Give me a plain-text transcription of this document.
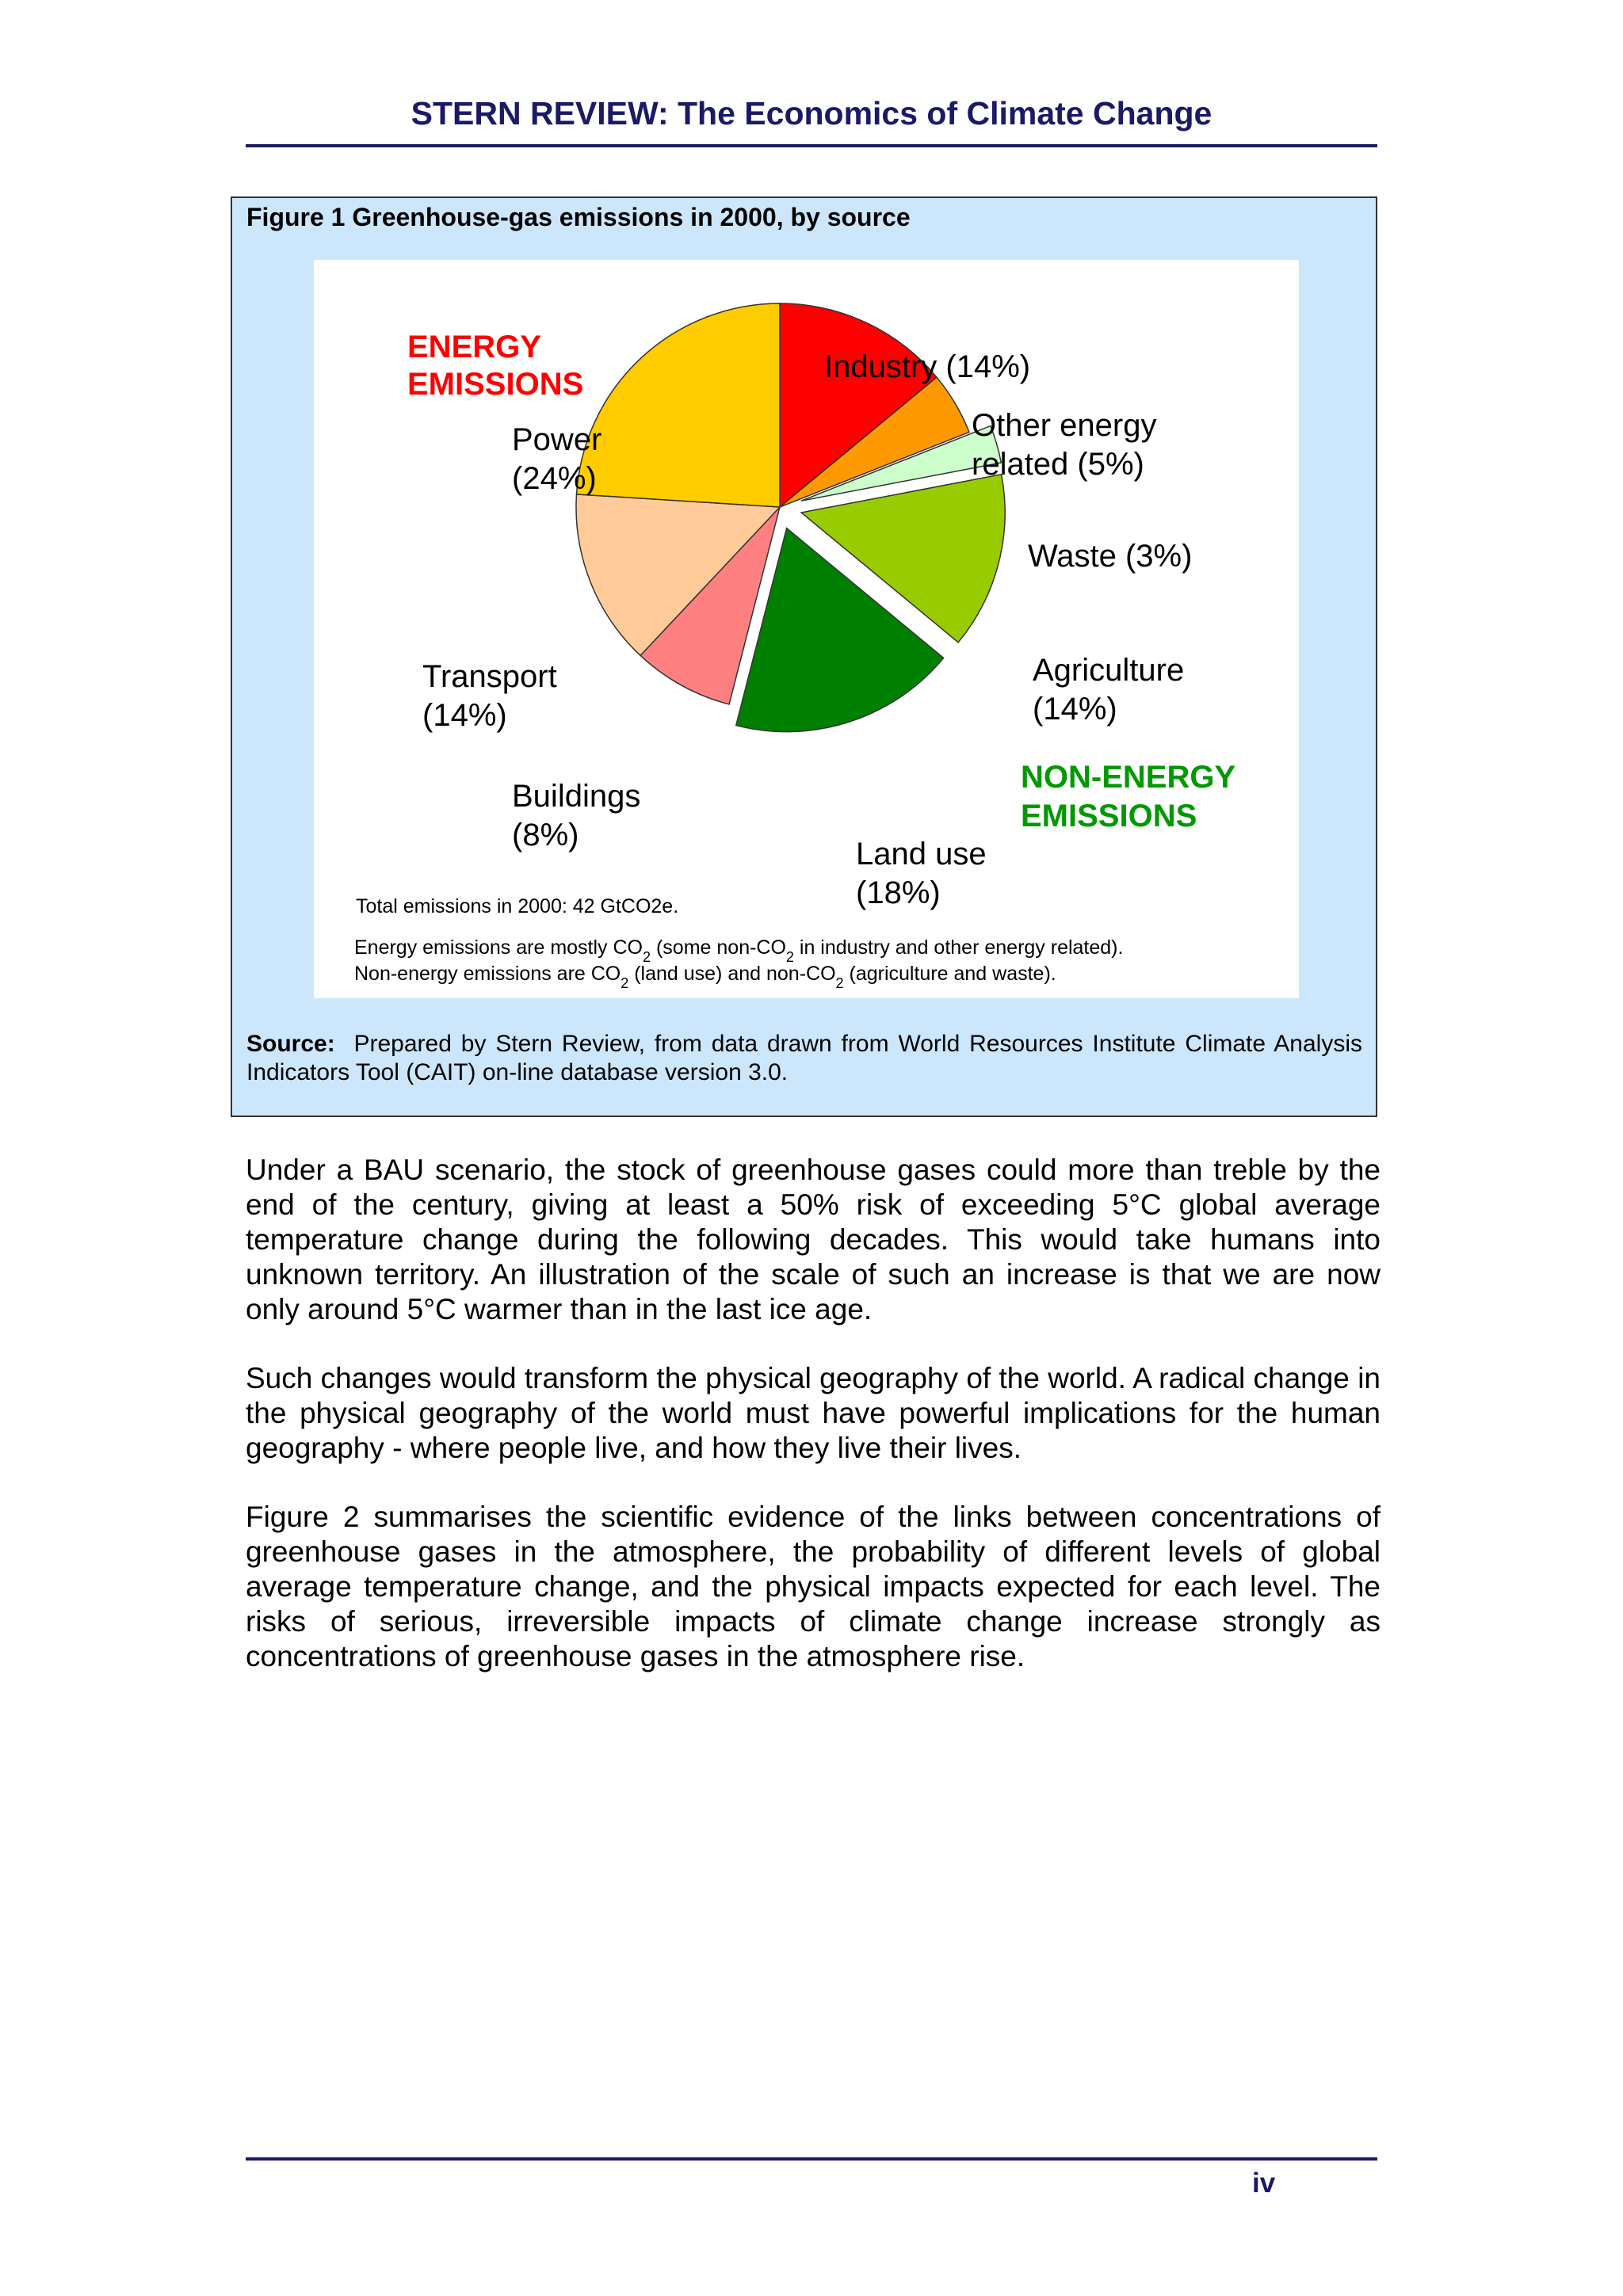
STERN REVIEW: The Economics of Climate Change
Figure 1 Greenhouse-gas emissions in 2000, by source
ENERGY
EMISSIONS
NON-ENERGY
EMISSIONS
Industry (14%)
Other energy
related (5%)
Waste (3%)
Agriculture
(14%)
Land use
(18%)
Buildings
(8%)
Transport
(14%)
Power
(24%)
Total emissions in 2000: 42 GtCO2e.
Energy emissions are mostly $CO_2$ (some non-$CO_2$ in industry and other energy related).
Non-energy emissions are $CO_2$ (land use) and non-$CO_2$ (agriculture and waste).
Source: Prepared by Stern Review, from data drawn from World Resources Institute Climate Analysis Indicators Tool (CAIT) on-line database version 3.0.
Under a BAU scenario, the stock of greenhouse gases could more than treble by the end of the century, giving at least a 50% risk of exceeding 5°C global average temperature change during the following decades. This would take humans into unknown territory. An illustration of the scale of such an increase is that we are now only around 5°C warmer than in the last ice age.
Such changes would transform the physical geography of the world. A radical change in the physical geography of the world must have powerful implications for the human geography - where people live, and how they live their lives.
Figure 2 summarises the scientific evidence of the links between concentrations of greenhouse gases in the atmosphere, the probability of different levels of global average temperature change, and the physical impacts expected for each level. The risks of serious, irreversible impacts of climate change increase strongly as concentrations of greenhouse gases in the atmosphere rise.
iv
